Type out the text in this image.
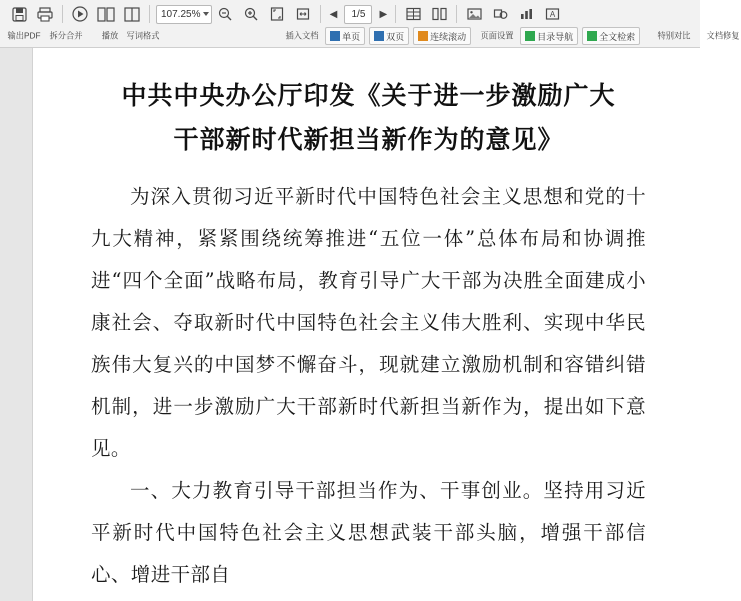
107.25%	◀	1/5	▶	A
输出PDF 拆分合并 播放 写词格式	插入文档	单页	双页	连续滚动 页面设置	目录导航	全文检索 特别对比 文档修复
中共中央办公厅印发《关于进一步激励广大
干部新时代新担当新作为的意见》

为深入贯彻习近平新时代中国特色社会主义思想和党的十九大精神，紧紧围绕统筹推进“五位一体”总体布局和协调推进“四个全面”战略布局，教育引导广大干部为决胜全面建成小康社会、夺取新时代中国特色社会主义伟大胜利、实现中华民族伟大复兴的中国梦不懈奋斗，现就建立激励机制和容错纠错机制，进一步激励广大干部新时代新担当新作为，提出如下意见。

一、大力教育引导干部担当作为、干事创业。坚持用习近平新时代中国特色社会主义思想武装干部头脑，增强干部信心、增进干部自
